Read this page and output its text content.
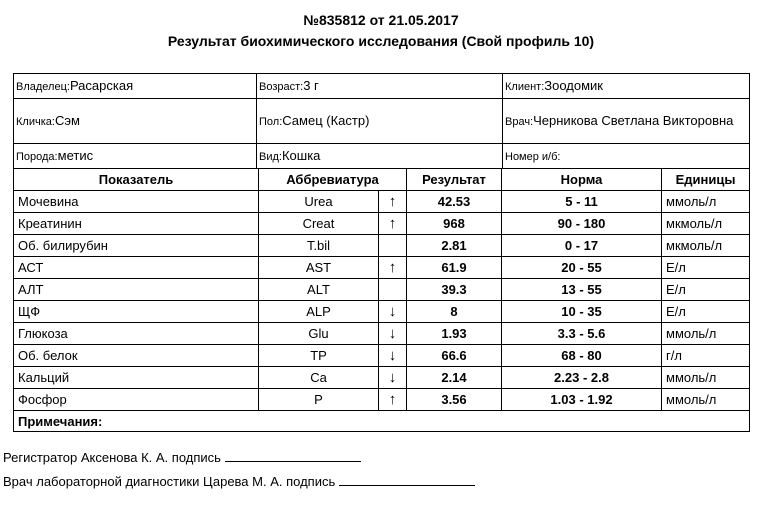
№835812 от 21.05.2017
Результат биохимического исследования (Свой профиль 10)
Владелец:Расарская	Возраст:3 г	Клиент:Зоодомик
Кличка:Сэм	Пол:Самец (Кастр)	Врач:Черникова Светлана Викторовна
Порода:метис	Вид:Кошка	Номер и/б:
Показатель	Аббревиатура		Результат	Норма	Единицы
Мочевина	Urea	↑	42.53	5 - 11	ммоль/л
Креатинин	Creat	↑	968	90 - 180	мкмоль/л
Об. билирубин	T.bil		2.81	0 - 17	мкмоль/л
АСТ	AST	↑	61.9	20 - 55	Е/л
АЛТ	ALT		39.3	13 - 55	Е/л
ЩФ	ALP	↓	8	10 - 35	Е/л
Глюкоза	Glu	↓	1.93	3.3 - 5.6	ммоль/л
Об. белок	TP	↓	66.6	68 - 80	г/л
Кальций	Ca	↓	2.14	2.23 - 2.8	ммоль/л
Фосфор	P	↑	3.56	1.03 - 1.92	ммоль/л
Примечания:					
Регистратор Аксенова К. А. подпись
Врач лабораторной диагностики Царева М. А. подпись
